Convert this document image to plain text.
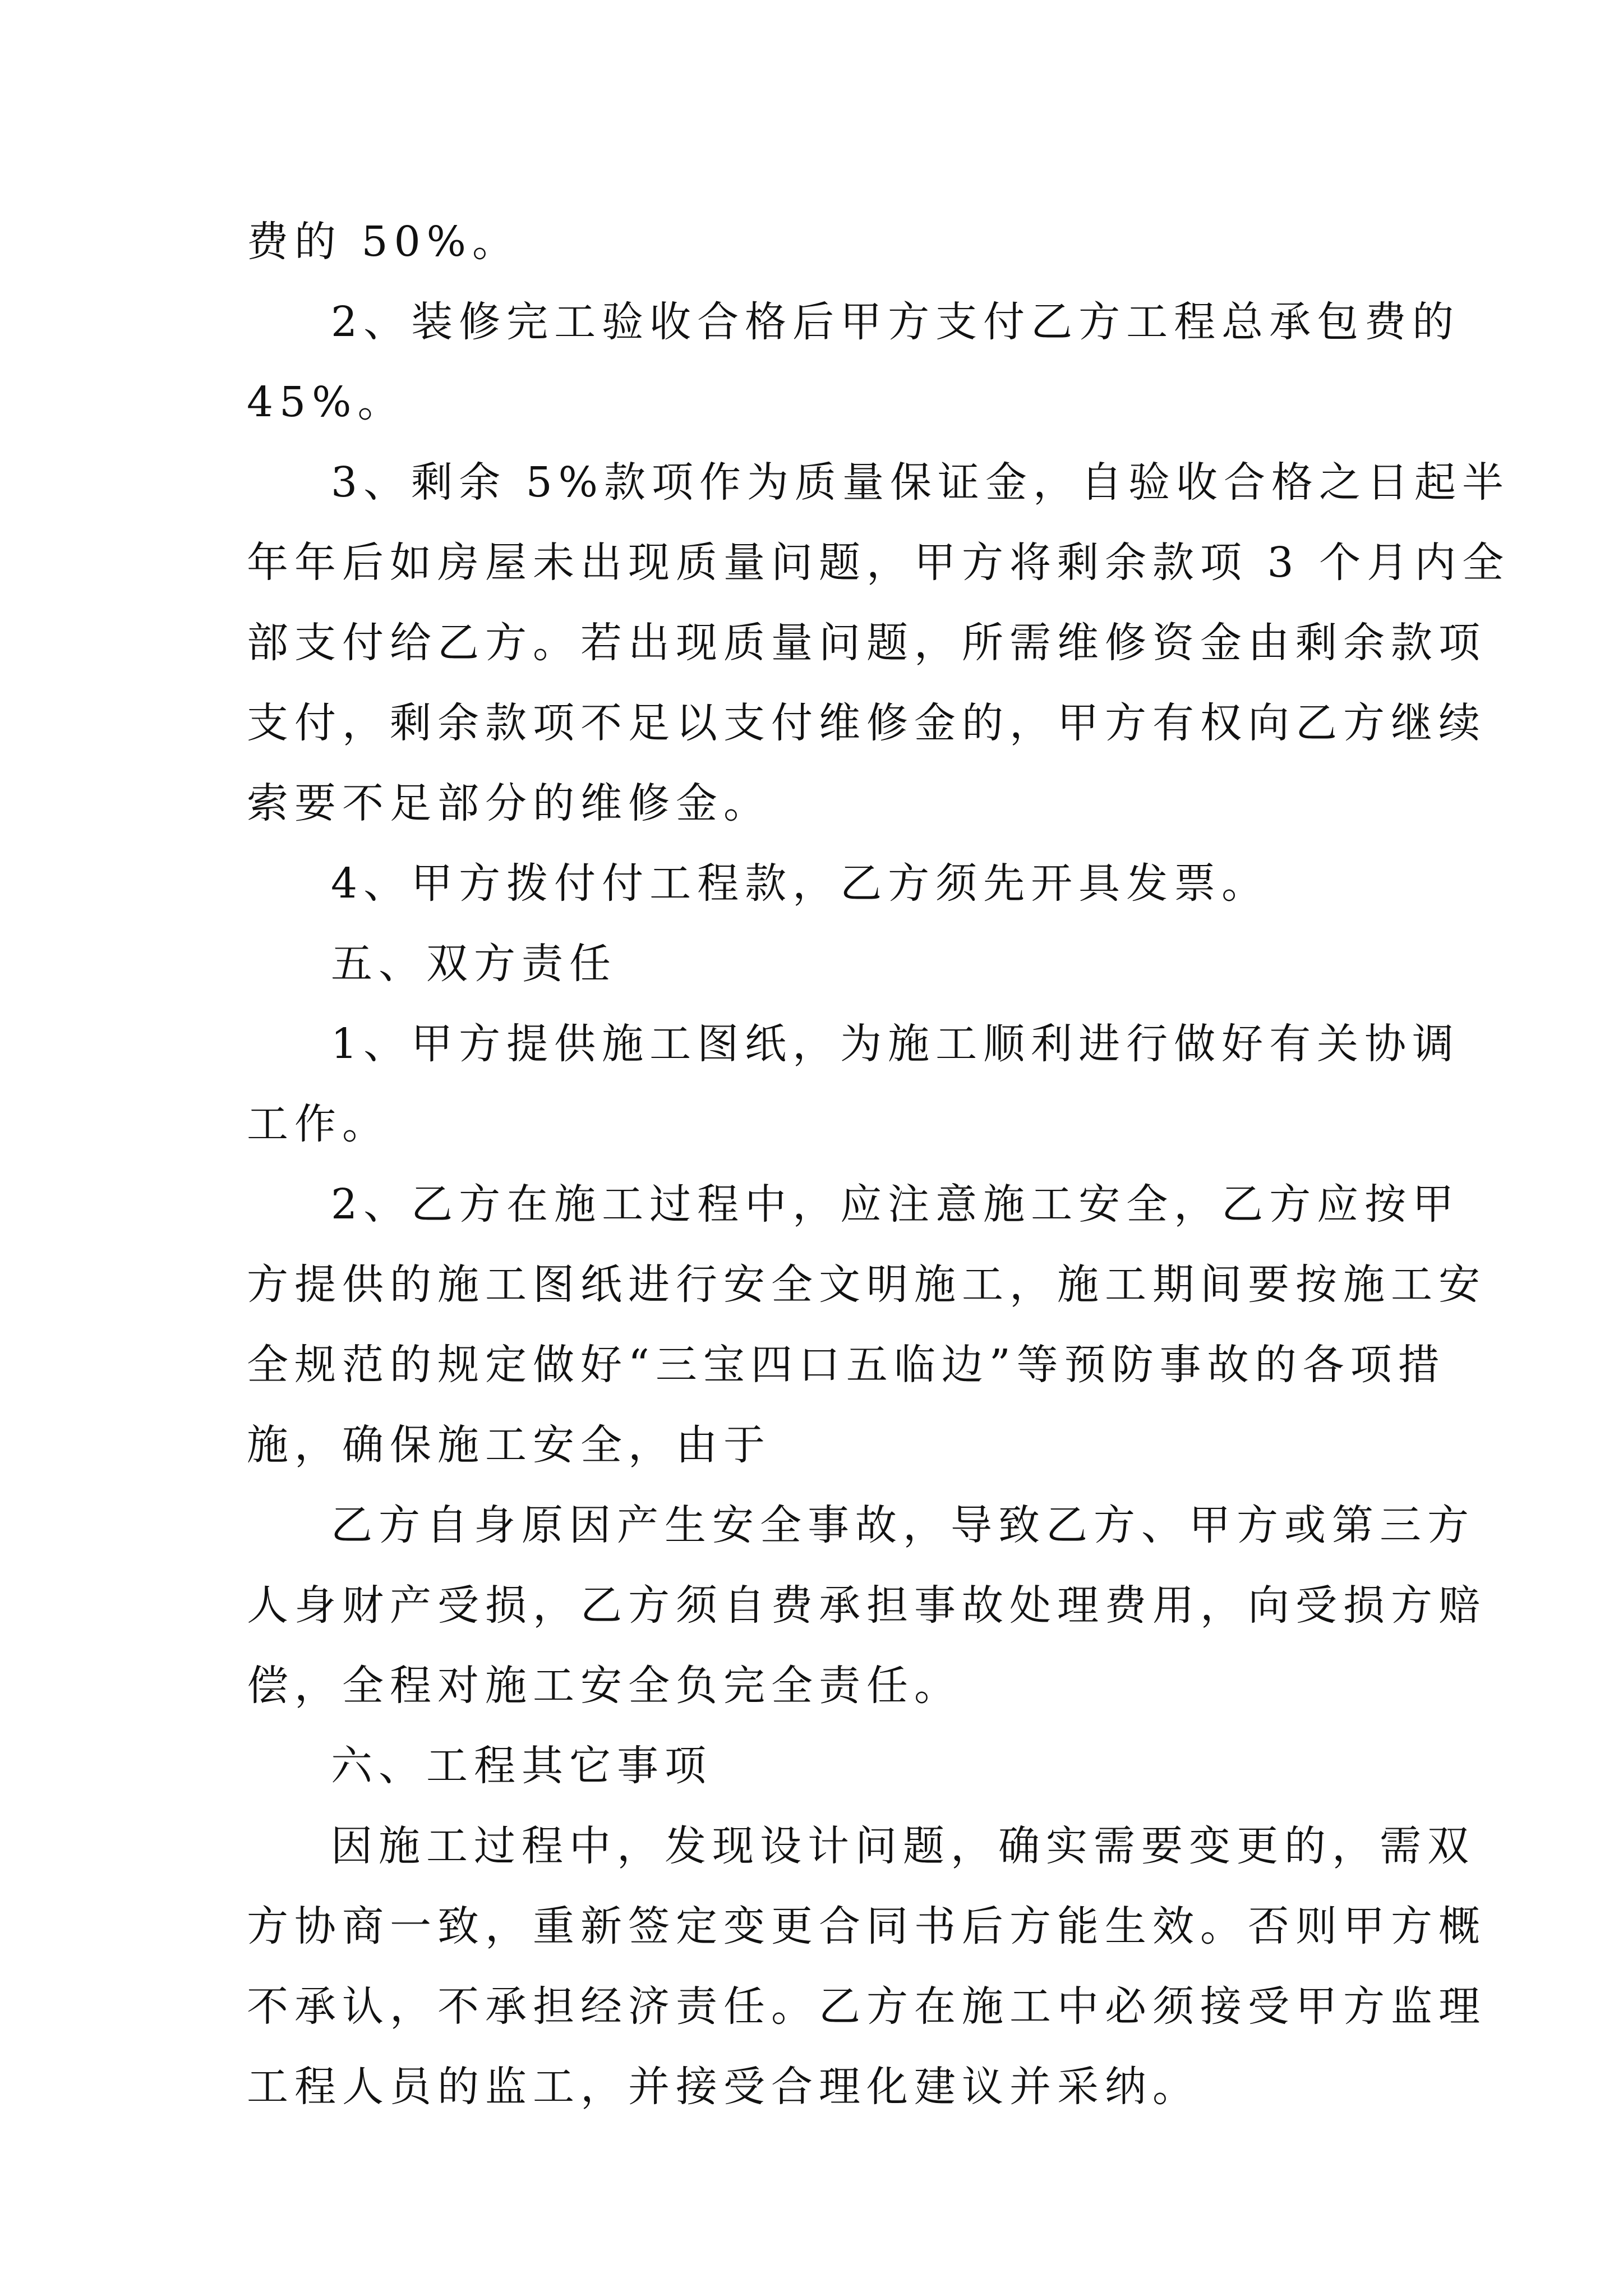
费的 50%。
2、装修完工验收合格后甲方支付乙方工程总承包费的
45%。
3、剩余 5%款项作为质量保证金，自验收合格之日起半
年年后如房屋未出现质量问题，甲方将剩余款项 3 个月内全
部支付给乙方。若出现质量问题，所需维修资金由剩余款项
支付，剩余款项不足以支付维修金的，甲方有权向乙方继续
索要不足部分的维修金。
4、甲方拨付付工程款，乙方须先开具发票。
五、双方责任
1、甲方提供施工图纸，为施工顺利进行做好有关协调
工作。
2、乙方在施工过程中，应注意施工安全，乙方应按甲
方提供的施工图纸进行安全文明施工，施工期间要按施工安
全规范的规定做好“三宝四口五临边”等预防事故的各项措
施，确保施工安全，由于
乙方自身原因产生安全事故，导致乙方、甲方或第三方
人身财产受损，乙方须自费承担事故处理费用，向受损方赔
偿，全程对施工安全负完全责任。
六、工程其它事项
因施工过程中，发现设计问题，确实需要变更的，需双
方协商一致，重新签定变更合同书后方能生效。否则甲方概
不承认，不承担经济责任。乙方在施工中必须接受甲方监理
工程人员的监工，并接受合理化建议并采纳。
